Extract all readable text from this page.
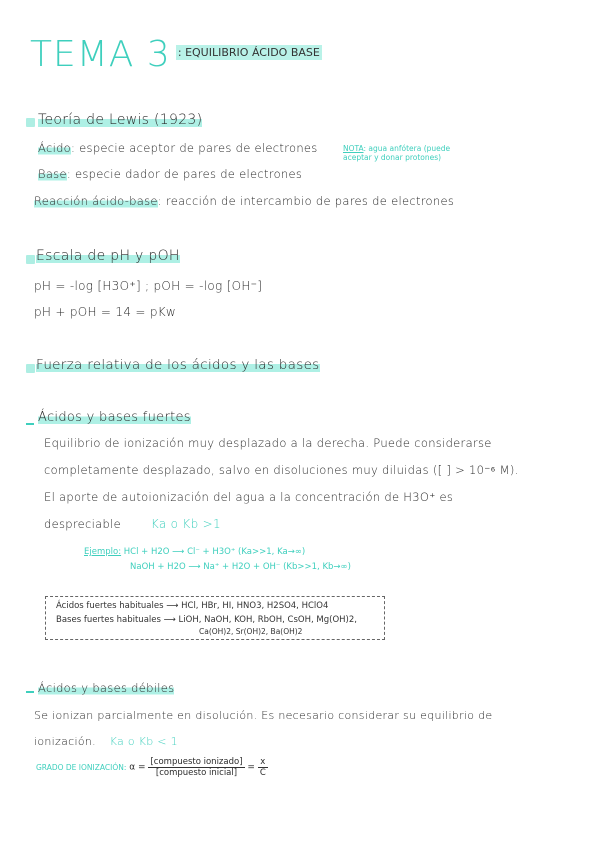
TEMA 3 $^{: EQUILIBRIO ÁCIDO BASE}$
Teoría de Lewis (1923)
Ácido: especie aceptor de pares de electrones	NOTA: agua anfótera (puede
aceptar y donar protones)
Base: especie dador de pares de electrones
Reacción ácido-base: reacción de intercambio de pares de electrones
Escala de pH y pOH
pH = -log [H3O⁺] ; pOH = -log [OH⁻]
pH + pOH = 14 = pKw
Fuerza relativa de los ácidos y las bases
Ácidos y bases fuertes
Equilibrio de ionización muy desplazado a la derecha. Puede considerarse
completamente desplazado, salvo en disoluciones muy diluidas ([ ] > 10⁻⁶ M).
El aporte de autoionización del agua a la concentración de H3O⁺ es
despreciable Ka o Kb >1
Ejemplo: HCl + H2O ⟶ Cl⁻ + H3O⁺ (Ka>>1, Ka→∞)
NaOH + H2O ⟶ Na⁺ + H2O + OH⁻ (Kb>>1, Kb→∞)
Ácidos fuertes habituales ⟶ HCl, HBr, HI, HNO3, H2SO4, HClO4
Bases fuertes habituales ⟶ LiOH, NaOH, KOH, RbOH, CsOH, Mg(OH)2,
Ca(OH)2, Sr(OH)2, Ba(OH)2
Ácidos y bases débiles
Se ionizan parcialmente en disolución. Es necesario considerar su equilibrio de
ionización. Ka o Kb < 1
GRADO DE IONIZACIÓN: $\alpha = \frac{\text{[compuesto ionizado]}}{\text{[compuesto inicial]}} = \frac{x}{C}$
